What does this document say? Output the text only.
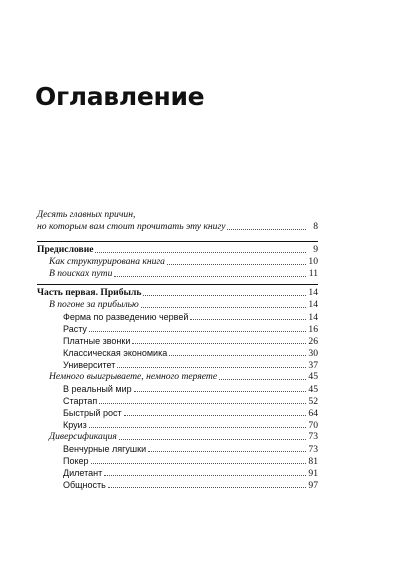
Оглавление
Десять главных причин,
но которым вам стоит прочитать эту книгу	8
Предисловие	9
Как структурирована книга	10
В поисках пути	11
Часть первая. Прибыль	14
В погоне за прибылью	14
Ферма по разведению червей	14
Расту	16
Платные звонки	26
Классическая экономика	30
Университет	37
Немного выигрываете, немного теряете	45
В реальный мир	45
Стартап	52
Быстрый рост	64
Круиз	70
Диверсификация	73
Венчурные лягушки	73
Покер	81
Дилетант	91
Общность	97
